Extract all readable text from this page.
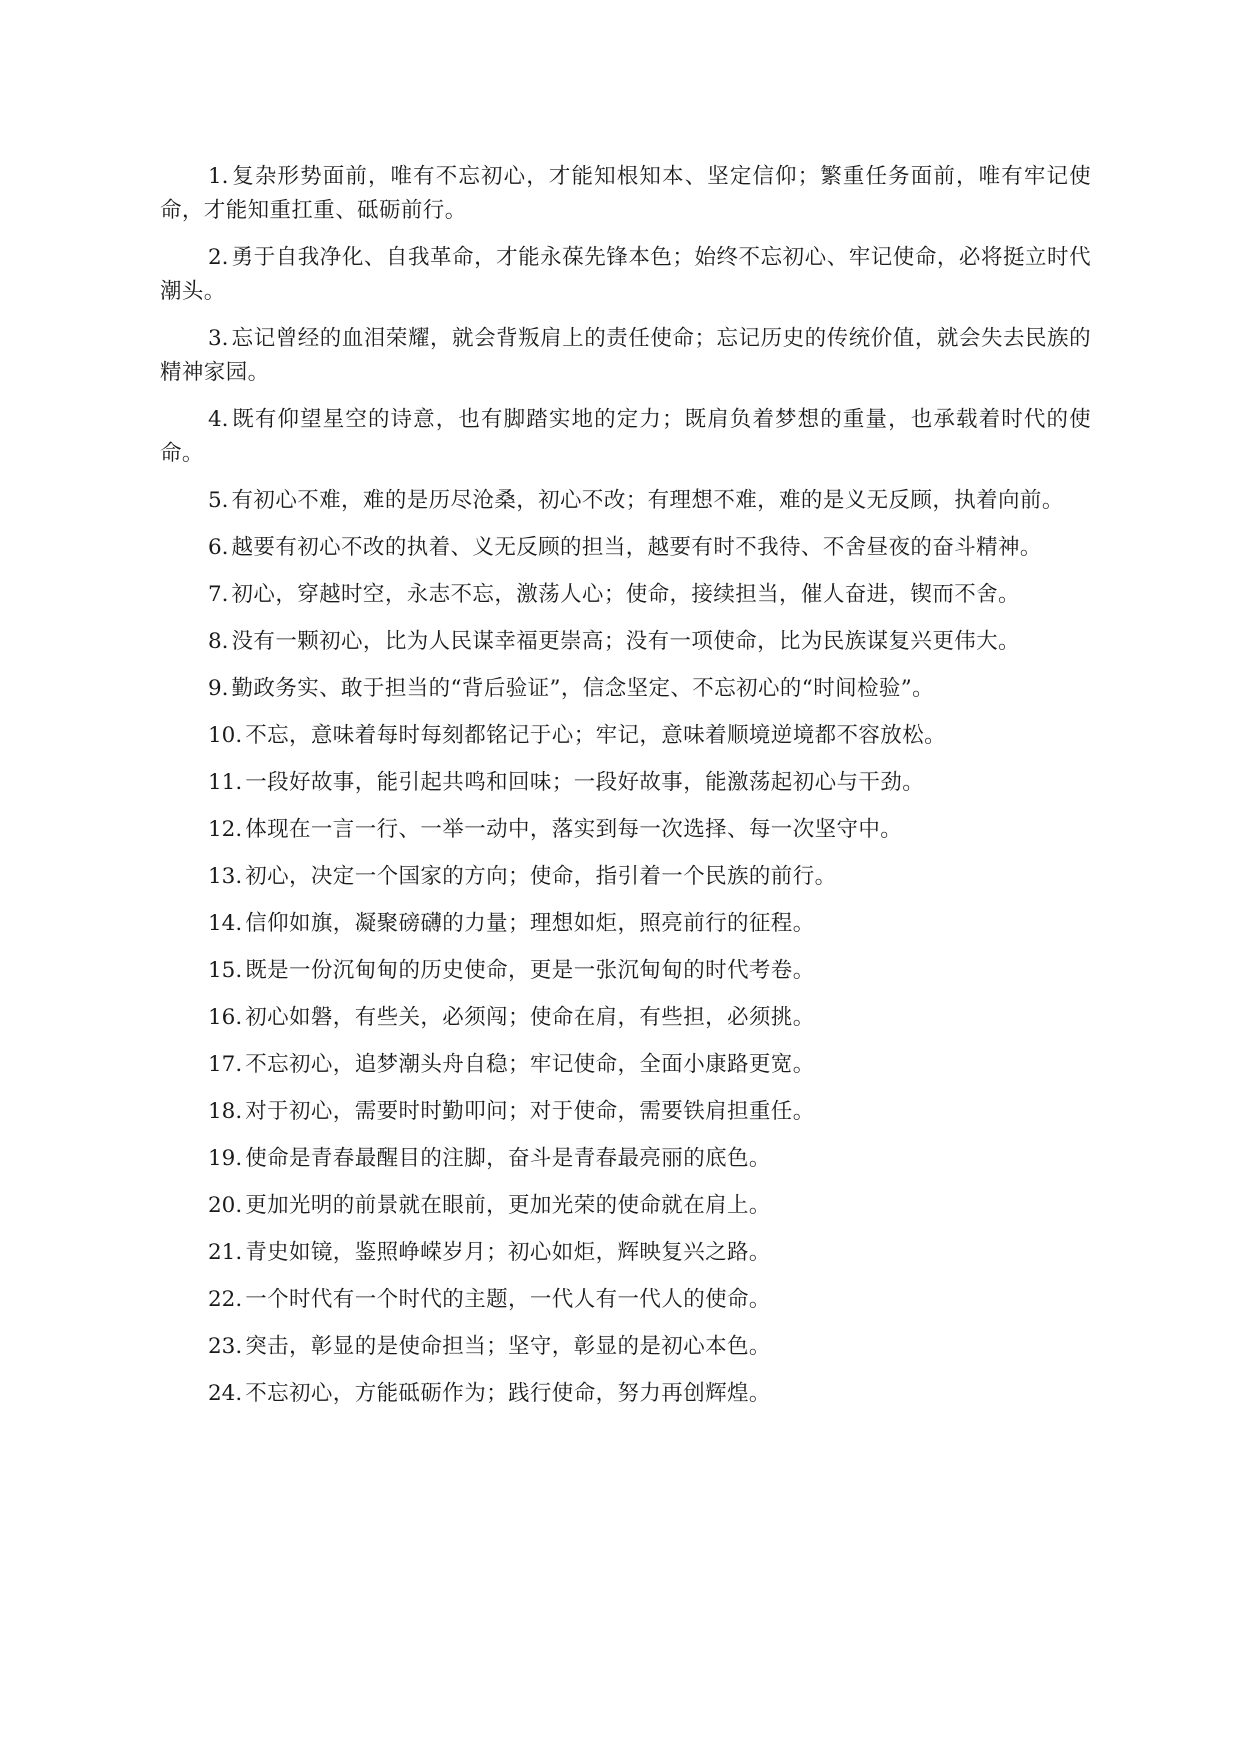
1. 复杂形势面前，唯有不忘初心，才能知根知本、坚定信仰；繁重任务面前，唯有牢记使命，才能知重扛重、砥砺前行。
2. 勇于自我净化、自我革命，才能永葆先锋本色；始终不忘初心、牢记使命，必将挺立时代潮头。
3. 忘记曾经的血泪荣耀，就会背叛肩上的责任使命；忘记历史的传统价值，就会失去民族的精神家园。
4. 既有仰望星空的诗意，也有脚踏实地的定力；既肩负着梦想的重量，也承载着时代的使命。
5. 有初心不难，难的是历尽沧桑，初心不改；有理想不难，难的是义无反顾，执着向前。
6. 越要有初心不改的执着、义无反顾的担当，越要有时不我待、不舍昼夜的奋斗精神。
7. 初心，穿越时空，永志不忘，激荡人心；使命，接续担当，催人奋进，锲而不舍。
8. 没有一颗初心，比为人民谋幸福更崇高；没有一项使命，比为民族谋复兴更伟大。
9. 勤政务实、敢于担当的“背后验证”，信念坚定、不忘初心的“时间检验”。
10. 不忘，意味着每时每刻都铭记于心；牢记，意味着顺境逆境都不容放松。
11. 一段好故事，能引起共鸣和回味；一段好故事，能激荡起初心与干劲。
12. 体现在一言一行、一举一动中，落实到每一次选择、每一次坚守中。
13. 初心，决定一个国家的方向；使命，指引着一个民族的前行。
14. 信仰如旗，凝聚磅礴的力量；理想如炬，照亮前行的征程。
15. 既是一份沉甸甸的历史使命，更是一张沉甸甸的时代考卷。
16. 初心如磐，有些关，必须闯；使命在肩，有些担，必须挑。
17. 不忘初心，追梦潮头舟自稳；牢记使命，全面小康路更宽。
18. 对于初心，需要时时勤叩问；对于使命，需要铁肩担重任。
19. 使命是青春最醒目的注脚，奋斗是青春最亮丽的底色。
20. 更加光明的前景就在眼前，更加光荣的使命就在肩上。
21. 青史如镜，鉴照峥嵘岁月；初心如炬，辉映复兴之路。
22. 一个时代有一个时代的主题，一代人有一代人的使命。
23. 突击，彰显的是使命担当；坚守，彰显的是初心本色。
24. 不忘初心，方能砥砺作为；践行使命，努力再创辉煌。
